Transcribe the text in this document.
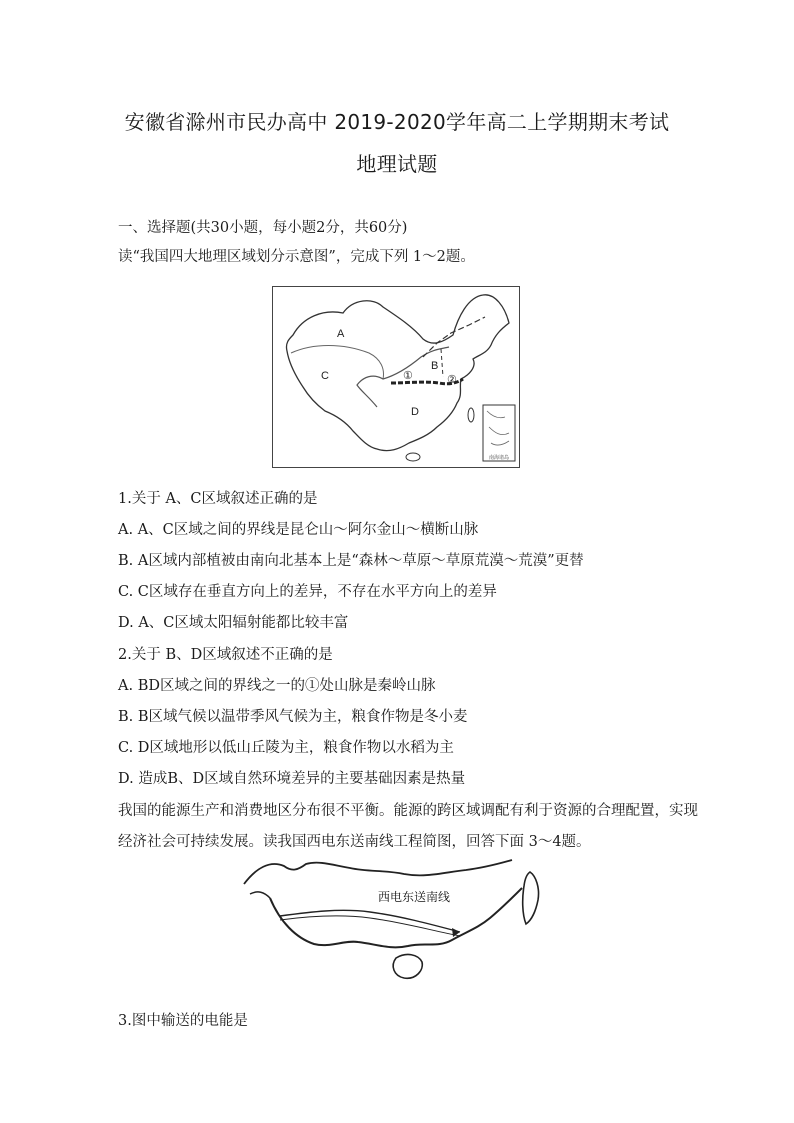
安徽省滁州市民办高中 2019-2020学年高二上学期期末考试
地理试题
一、选择题(共30小题，每小题2分，共60分)
读“我国四大地理区域划分示意图”，完成下列 1～2题。
A
B
C
D
①	②
南海诸岛
1.关于 A、C区域叙述正确的是
A. A、C区域之间的界线是昆仑山～阿尔金山～横断山脉
B. A区域内部植被由南向北基本上是“森林～草原～草原荒漠～荒漠”更替
C. C区域存在垂直方向上的差异，不存在水平方向上的差异
D. A、C区域太阳辐射能都比较丰富
2.关于 B、D区域叙述不正确的是
A. BD区域之间的界线之一的①处山脉是秦岭山脉
B. B区域气候以温带季风气候为主，粮食作物是冬小麦
C. D区域地形以低山丘陵为主，粮食作物以水稻为主
D. 造成B、D区域自然环境差异的主要基础因素是热量
我国的能源生产和消费地区分布很不平衡。能源的跨区域调配有利于资源的合理配置，实现
经济社会可持续发展。读我国西电东送南线工程简图，回答下面 3～4题。
西电东送南线
3.图中输送的电能是
